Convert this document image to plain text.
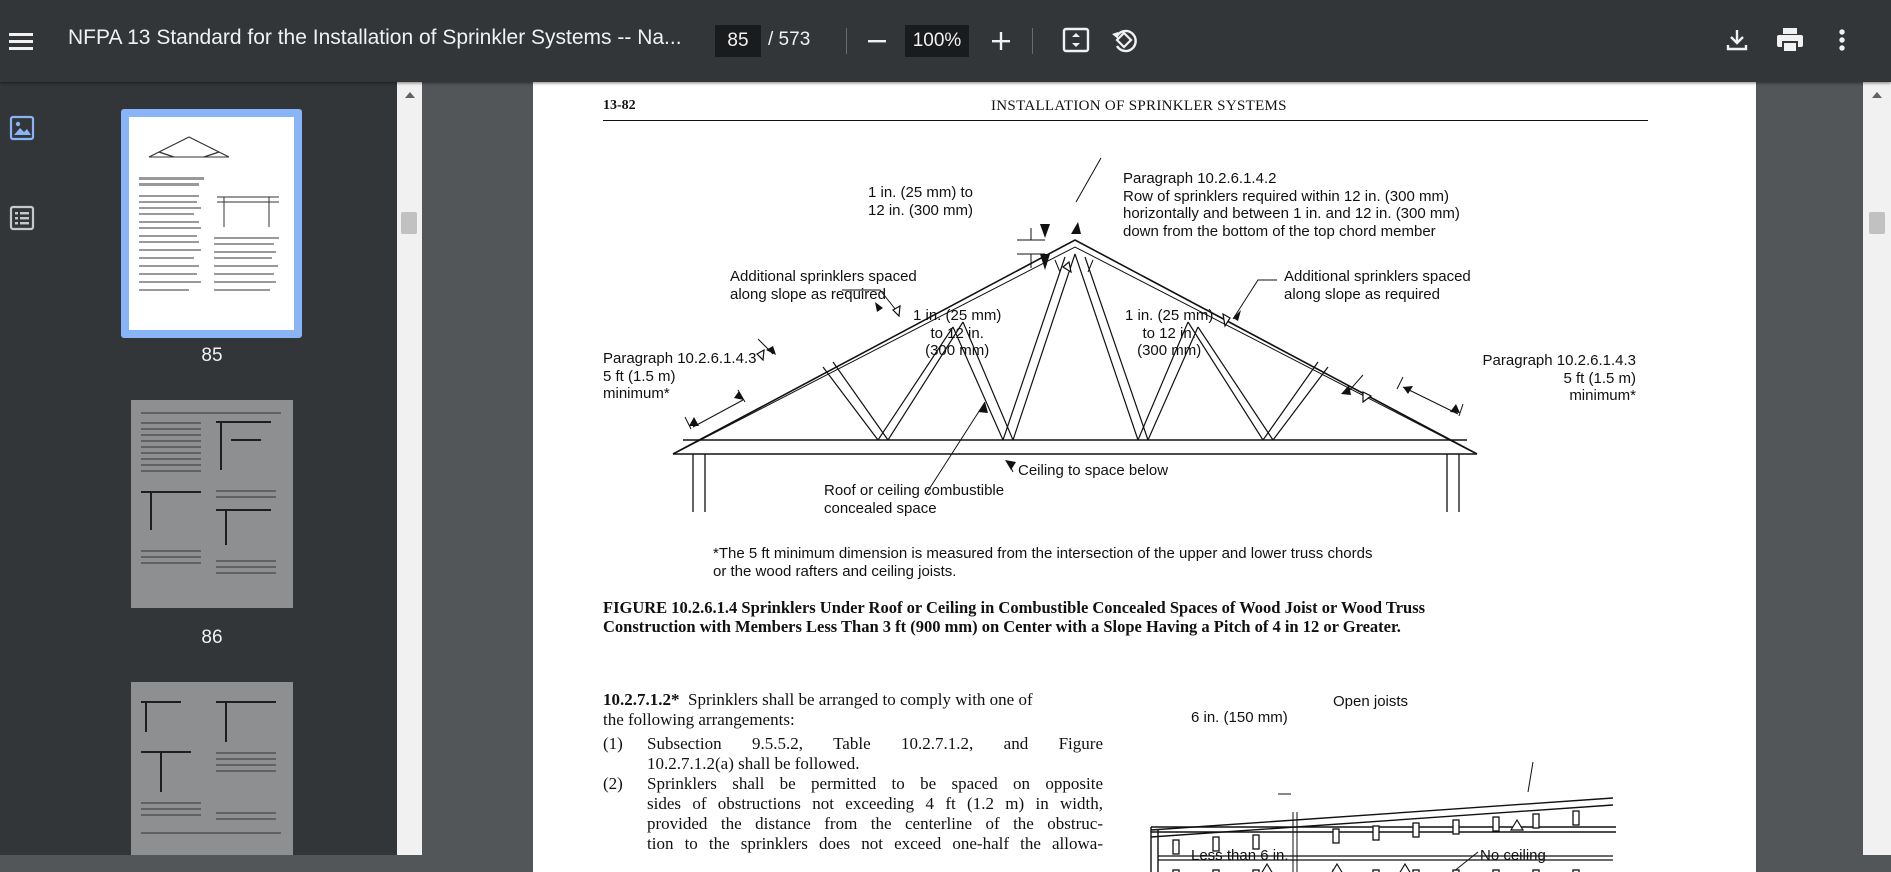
NFPA 13 Standard for the Installation of Sprinkler Systems -- Na...
85	/ 573
100%
85
86
13-82	INSTALLATION OF SPRINKLER SYSTEMS
1 in. (25 mm) to
12 in. (300 mm)
Paragraph 10.2.6.1.4.2
Row of sprinklers required within 12 in. (300 mm)
horizontally and between 1 in. and 12 in. (300 mm)
down from the bottom of the top chord member
Additional sprinklers spaced
along slope as required
Additional sprinklers spaced
along slope as required
1 in. (25 mm)
to 12 in.
(300 mm)
1 in. (25 mm)
to 12 in.
(300 mm)
Paragraph 10.2.6.1.4.3
5 ft (1.5 m)
minimum*
Paragraph 10.2.6.1.4.3
5 ft (1.5 m)
minimum*
Ceiling to space below
Roof or ceiling combustible
concealed space
*The 5 ft minimum dimension is measured from the intersection of the upper and lower truss chords
or the wood rafters and ceiling joists.
FIGURE 10.2.6.1.4 Sprinklers Under Roof or Ceiling in Combustible Concealed Spaces of Wood Joist or Wood Truss
Construction with Members Less Than 3 ft (900 mm) on Center with a Slope Having a Pitch of 4 in 12 or Greater.
10.2.7.1.2* Sprinklers shall be arranged to comply with one of
the following arrangements:
(1)	Subsection 9.5.5.2, Table 10.2.7.1.2, and Figure
10.2.7.1.2(a) shall be followed.
(2)	Sprinklers shall be permitted to be spaced on opposite
sides of obstructions not exceeding 4 ft (1.2 m) in width,
provided the distance from the centerline of the obstruc-
tion to the sprinklers does not exceed one-half the allowa-
Open joists
6 in. (150 mm)
Less than 6 in.	No ceiling
